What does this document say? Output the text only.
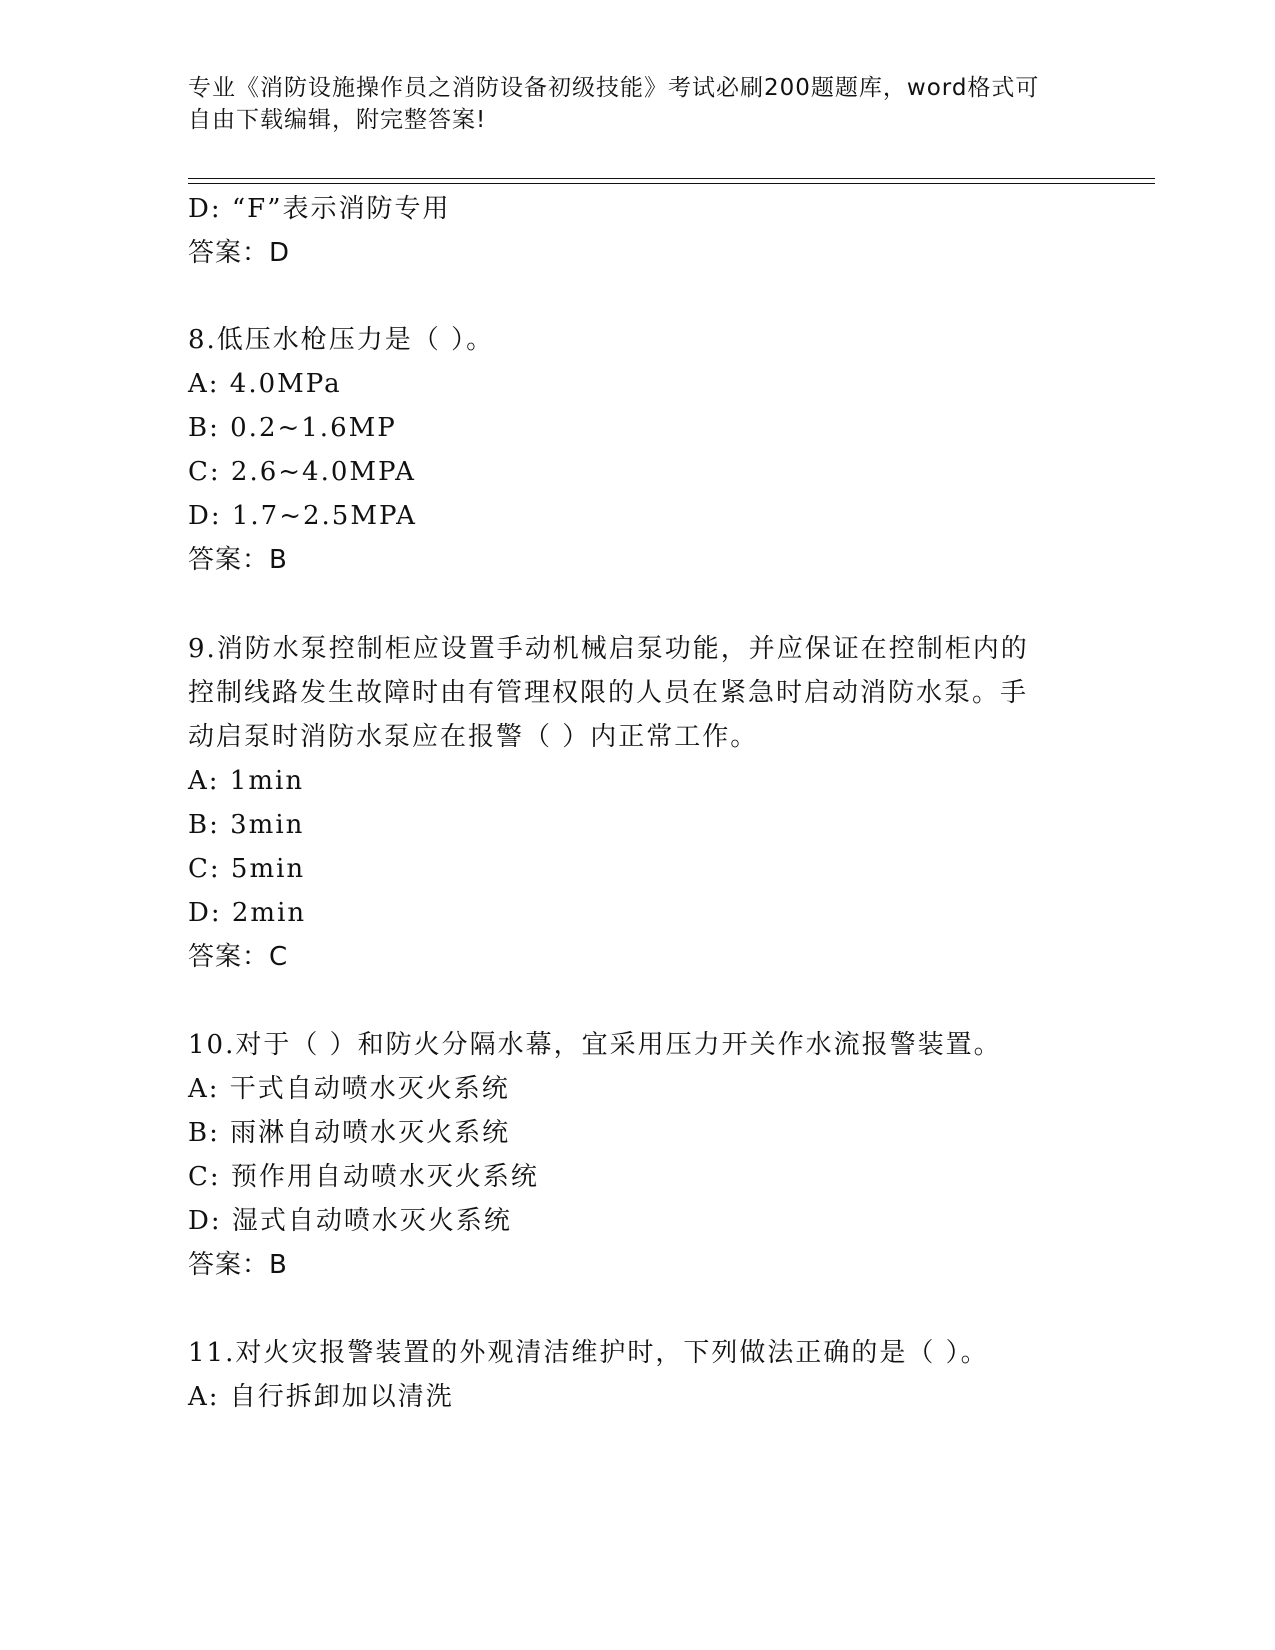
专业《消防设施操作员之消防设备初级技能》考试必刷200题题库，word格式可
自由下载编辑，附完整答案!
D: “F”表示消防专用
答案：D
8.低压水枪压力是（ ）。
A: 4.0MPa
B: 0.2~1.6MP
C: 2.6~4.0MPA
D: 1.7~2.5MPA
答案：B
9.消防水泵控制柜应设置手动机械启泵功能，并应保证在控制柜内的
控制线路发生故障时由有管理权限的人员在紧急时启动消防水泵。手
动启泵时消防水泵应在报警（ ）内正常工作。
A: 1min
B: 3min
C: 5min
D: 2min
答案：C
10.对于（ ）和防火分隔水幕，宜采用压力开关作水流报警装置。
A: 干式自动喷水灭火系统
B: 雨淋自动喷水灭火系统
C: 预作用自动喷水灭火系统
D: 湿式自动喷水灭火系统
答案：B
11.对火灾报警装置的外观清洁维护时，下列做法正确的是（ ）。
A: 自行拆卸加以清洗
